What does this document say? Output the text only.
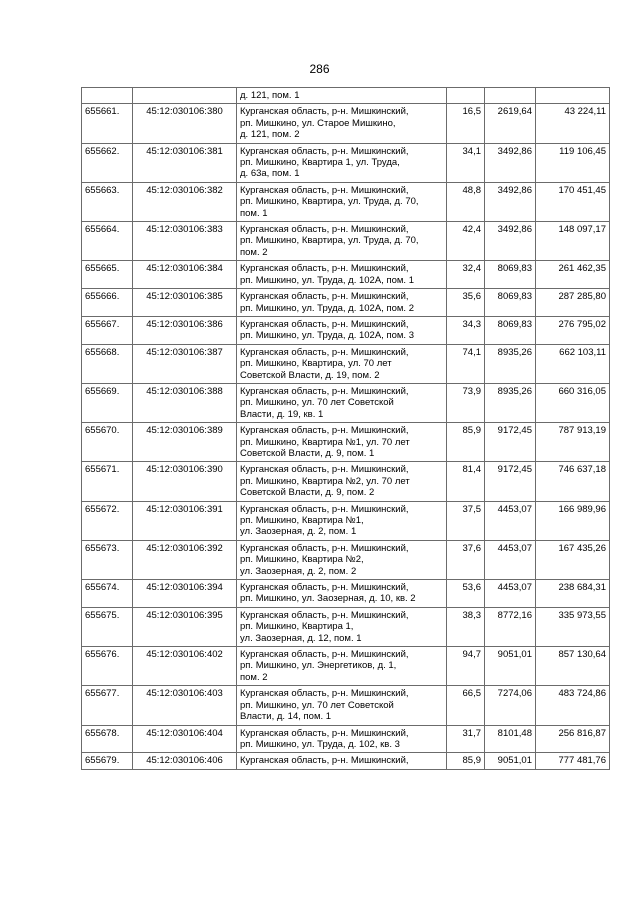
286
		д. 121, пом. 1			
655661.	45:12:030106:380	Курганская область, р-н. Мишкинский,
рп. Мишкино, ул. Старое Мишкино,
д. 121, пом. 2	16,5	2619,64	43 224,11
655662.	45:12:030106:381	Курганская область, р-н. Мишкинский,
рп. Мишкино, Квартира 1, ул. Труда,
д. 63а, пом. 1	34,1	3492,86	119 106,45
655663.	45:12:030106:382	Курганская область, р-н. Мишкинский,
рп. Мишкино, Квартира, ул. Труда, д. 70,
пом. 1	48,8	3492,86	170 451,45
655664.	45:12:030106:383	Курганская область, р-н. Мишкинский,
рп. Мишкино, Квартира, ул. Труда, д. 70,
пом. 2	42,4	3492,86	148 097,17
655665.	45:12:030106:384	Курганская область, р-н. Мишкинский,
рп. Мишкино, ул. Труда, д. 102А, пом. 1	32,4	8069,83	261 462,35
655666.	45:12:030106:385	Курганская область, р-н. Мишкинский,
рп. Мишкино, ул. Труда, д. 102А, пом. 2	35,6	8069,83	287 285,80
655667.	45:12:030106:386	Курганская область, р-н. Мишкинский,
рп. Мишкино, ул. Труда, д. 102А, пом. 3	34,3	8069,83	276 795,02
655668.	45:12:030106:387	Курганская область, р-н. Мишкинский,
рп. Мишкино, Квартира, ул. 70 лет
Советской Власти, д. 19, пом. 2	74,1	8935,26	662 103,11
655669.	45:12:030106:388	Курганская область, р-н. Мишкинский,
рп. Мишкино, ул. 70 лет Советской
Власти, д. 19, кв. 1	73,9	8935,26	660 316,05
655670.	45:12:030106:389	Курганская область, р-н. Мишкинский,
рп. Мишкино, Квартира №1, ул. 70 лет
Советской Власти, д. 9, пом. 1	85,9	9172,45	787 913,19
655671.	45:12:030106:390	Курганская область, р-н. Мишкинский,
рп. Мишкино, Квартира №2, ул. 70 лет
Советской Власти, д. 9, пом. 2	81,4	9172,45	746 637,18
655672.	45:12:030106:391	Курганская область, р-н. Мишкинский,
рп. Мишкино, Квартира №1,
ул. Заозерная, д. 2, пом. 1	37,5	4453,07	166 989,96
655673.	45:12:030106:392	Курганская область, р-н. Мишкинский,
рп. Мишкино, Квартира №2,
ул. Заозерная, д. 2, пом. 2	37,6	4453,07	167 435,26
655674.	45:12:030106:394	Курганская область, р-н. Мишкинский,
рп. Мишкино, ул. Заозерная, д. 10, кв. 2	53,6	4453,07	238 684,31
655675.	45:12:030106:395	Курганская область, р-н. Мишкинский,
рп. Мишкино, Квартира 1,
ул. Заозерная, д. 12, пом. 1	38,3	8772,16	335 973,55
655676.	45:12:030106:402	Курганская область, р-н. Мишкинский,
рп. Мишкино, ул. Энергетиков, д. 1,
пом. 2	94,7	9051,01	857 130,64
655677.	45:12:030106:403	Курганская область, р-н. Мишкинский,
рп. Мишкино, ул. 70 лет Советской
Власти, д. 14, пом. 1	66,5	7274,06	483 724,86
655678.	45:12:030106:404	Курганская область, р-н. Мишкинский,
рп. Мишкино, ул. Труда, д. 102, кв. 3	31,7	8101,48	256 816,87
655679.	45:12:030106:406	Курганская область, р-н. Мишкинский,	85,9	9051,01	777 481,76
